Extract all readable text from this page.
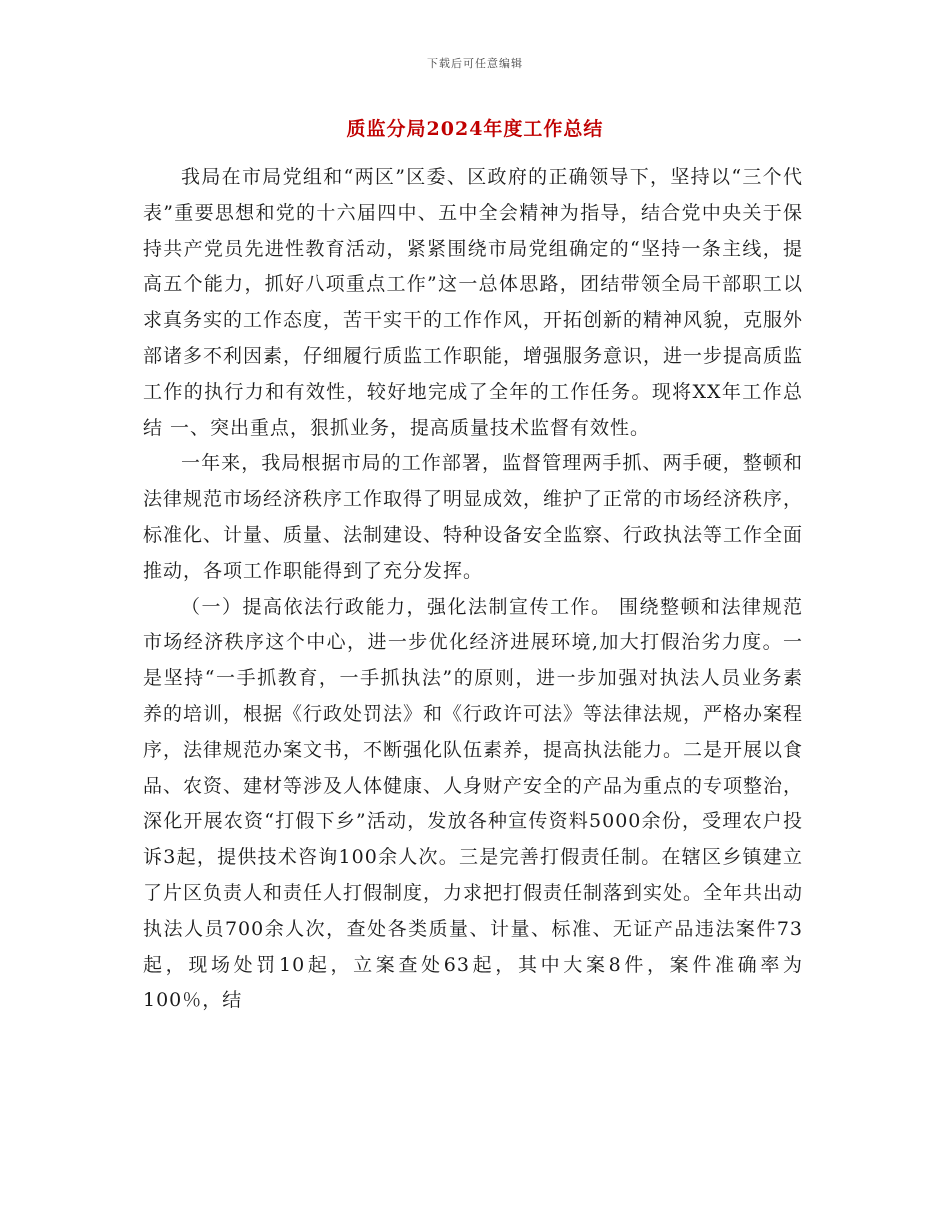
下载后可任意编辑
质监分局2024年度工作总结

我局在市局党组和“两区”区委、区政府的正确领导下，坚持以“三个代表”重要思想和党的十六届四中、五中全会精神为指导，结合党中央关于保持共产党员先进性教育活动，紧紧围绕市局党组确定的“坚持一条主线，提高五个能力，抓好八项重点工作”这一总体思路，团结带领全局干部职工以求真务实的工作态度，苦干实干的工作作风，开拓创新的精神风貌，克服外部诸多不利因素，仔细履行质监工作职能，增强服务意识，进一步提高质监工作的执行力和有效性，较好地完成了全年的工作任务。现将XX年工作总结 一、突出重点，狠抓业务，提高质量技术监督有效性。

一年来，我局根据市局的工作部署，监督管理两手抓、两手硬，整顿和法律规范市场经济秩序工作取得了明显成效，维护了正常的市场经济秩序，标准化、计量、质量、法制建设、特种设备安全监察、行政执法等工作全面推动，各项工作职能得到了充分发挥。

（一）提高依法行政能力，强化法制宣传工作。 围绕整顿和法律规范市场经济秩序这个中心，进一步优化经济进展环境,加大打假治劣力度。一是坚持“一手抓教育，一手抓执法”的原则，进一步加强对执法人员业务素养的培训，根据《行政处罚法》和《行政许可法》等法律法规，严格办案程序，法律规范办案文书，不断强化队伍素养，提高执法能力。二是开展以食品、农资、建材等涉及人体健康、人身财产安全的产品为重点的专项整治，深化开展农资“打假下乡”活动，发放各种宣传资料5000余份，受理农户投诉3起，提供技术咨询100余人次。三是完善打假责任制。在辖区乡镇建立了片区负责人和责任人打假制度，力求把打假责任制落到实处。全年共出动执法人员700余人次，查处各类质量、计量、标准、无证产品违法案件73起，现场处罚10起，立案查处63起，其中大案8件，案件准确率为100％，结
